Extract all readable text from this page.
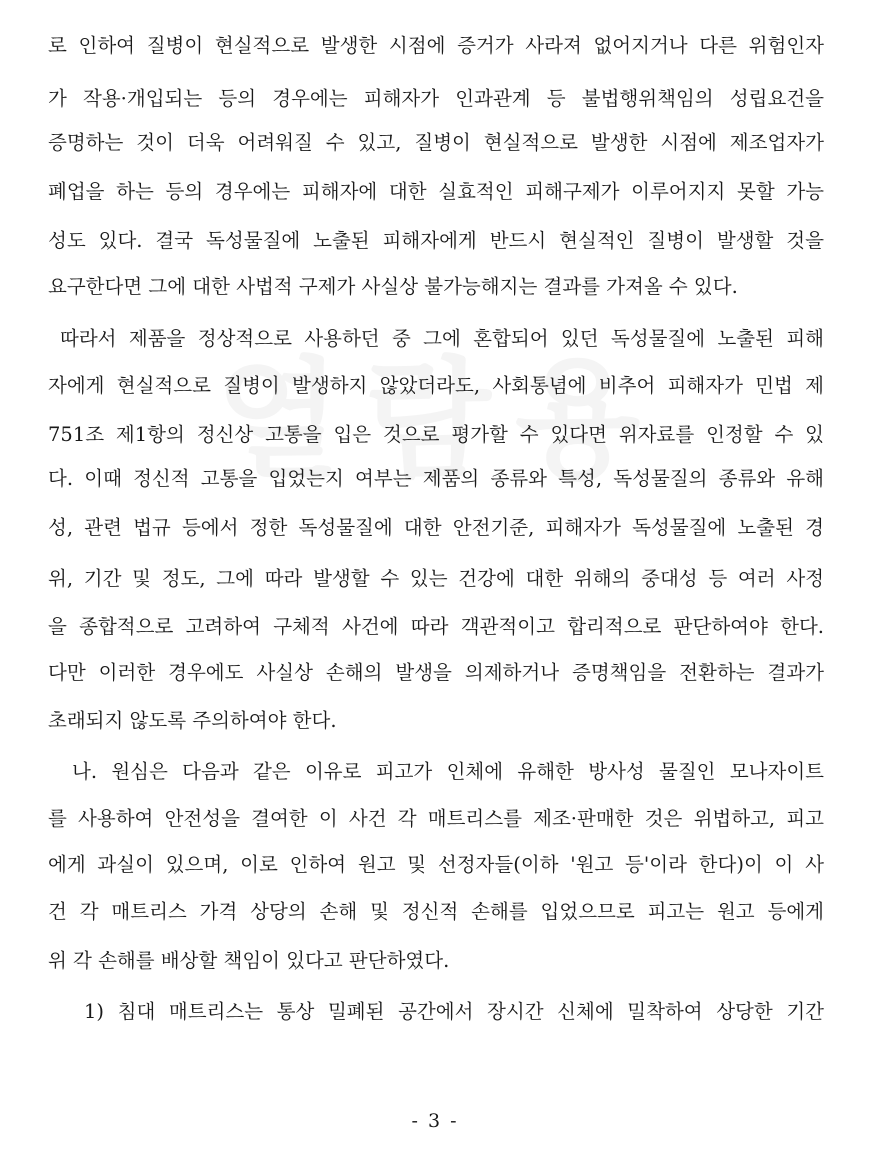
로 인하여 질병이 현실적으로 발생한 시점에 증거가 사라져 없어지거나 다른 위험인자
가 작용·개입되는 등의 경우에는 피해자가 인과관계 등 불법행위책임의 성립요건을
증명하는 것이 더욱 어려워질 수 있고, 질병이 현실적으로 발생한 시점에 제조업자가
폐업을 하는 등의 경우에는 피해자에 대한 실효적인 피해구제가 이루어지지 못할 가능
성도 있다. 결국 독성물질에 노출된 피해자에게 반드시 현실적인 질병이 발생할 것을
요구한다면 그에 대한 사법적 구제가 사실상 불가능해지는 결과를 가져올 수 있다.
따라서 제품을 정상적으로 사용하던 중 그에 혼합되어 있던 독성물질에 노출된 피해
자에게 현실적으로 질병이 발생하지 않았더라도, 사회통념에 비추어 피해자가 민법 제
751조 제1항의 정신상 고통을 입은 것으로 평가할 수 있다면 위자료를 인정할 수 있
다. 이때 정신적 고통을 입었는지 여부는 제품의 종류와 특성, 독성물질의 종류와 유해
성, 관련 법규 등에서 정한 독성물질에 대한 안전기준, 피해자가 독성물질에 노출된 경
위, 기간 및 정도, 그에 따라 발생할 수 있는 건강에 대한 위해의 중대성 등 여러 사정
을 종합적으로 고려하여 구체적 사건에 따라 객관적이고 합리적으로 판단하여야 한다.
다만 이러한 경우에도 사실상 손해의 발생을 의제하거나 증명책임을 전환하는 결과가
초래되지 않도록 주의하여야 한다.
나. 원심은 다음과 같은 이유로 피고가 인체에 유해한 방사성 물질인 모나자이트
를 사용하여 안전성을 결여한 이 사건 각 매트리스를 제조·판매한 것은 위법하고, 피고
에게 과실이 있으며, 이로 인하여 원고 및 선정자들(이하 '원고 등'이라 한다)이 이 사
건 각 매트리스 가격 상당의 손해 및 정신적 손해를 입었으므로 피고는 원고 등에게
위 각 손해를 배상할 책임이 있다고 판단하였다.
1) 침대 매트리스는 통상 밀폐된 공간에서 장시간 신체에 밀착하여 상당한 기간
- 3 -
